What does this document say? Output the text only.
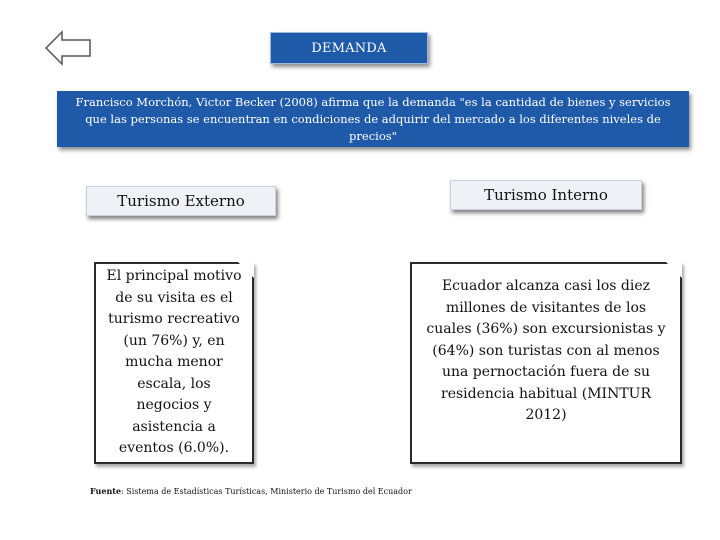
DEMANDA
Francisco Morchón, Victor Becker (2008) afirma que la demanda "es la cantidad de bienes y servicios que las personas se encuentran en condiciones de adquirir del mercado a los diferentes niveles de precios"
Turismo Externo	Turismo Interno
El principal motivo de su visita es el turismo recreativo (un 76%) y, en mucha menor escala, los negocios y asistencia a eventos (6.0%).
Ecuador alcanza casi los diez millones de visitantes de los cuales (36%) son excursionistas y (64%) son turistas con al menos una pernoctación fuera de su residencia habitual (MINTUR 2012)
Fuente: Sistema de Estadísticas Turísticas, Ministerio de Turismo del Ecuador
